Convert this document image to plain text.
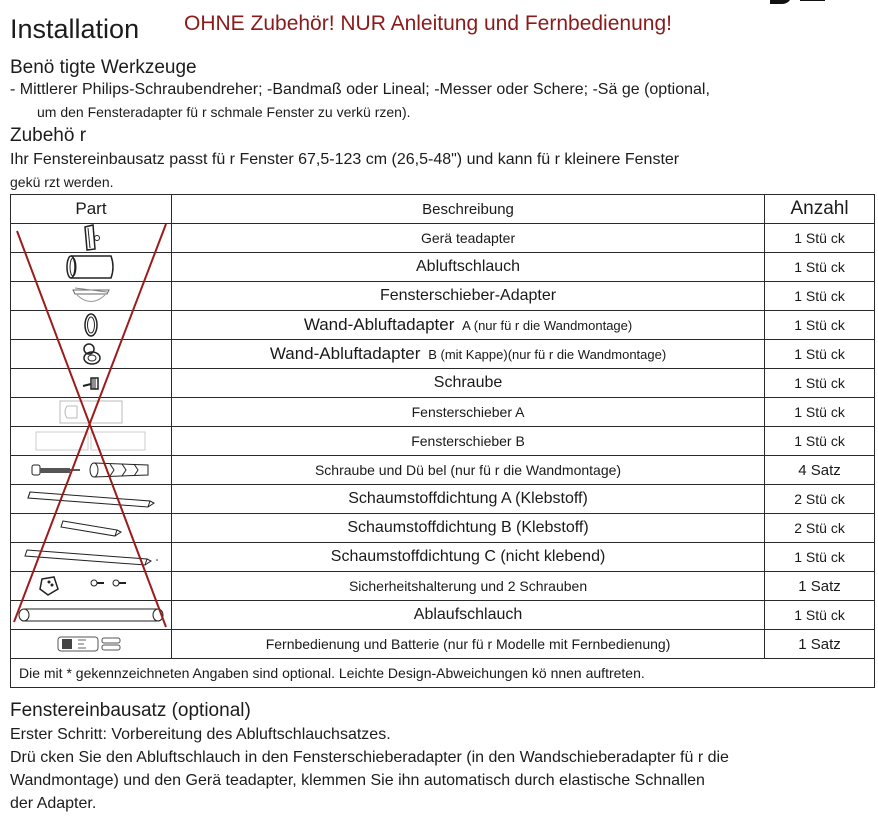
Installation OHNE Zubehör! NUR Anleitung und Fernbedienung!
Benö tigte Werkzeuge
- Mittlerer Philips-Schraubendreher; -Bandmaß oder Lineal; -Messer oder Schere; -Sä ge (optional,
um den Fensteradapter fü r schmale Fenster zu verkü rzen).
Zubehö r
Ihr Fenstereinbausatz passt fü r Fenster 67,5-123 cm (26,5-48") und kann fü r kleinere Fenster
gekü rzt werden.
Part	Beschreibung	Anzahl
	Gerä teadapter	1 Stü ck
	Abluftschlauch	1 Stü ck
	Fensterschieber-Adapter	1 Stü ck
	Wand-Abluftadapter A (nur fü r die Wandmontage)	1 Stü ck
	Wand-Abluftadapter B (mit Kappe)(nur fü r die Wandmontage)	1 Stü ck
	Schraube	1 Stü ck
	Fensterschieber A	1 Stü ck
	Fensterschieber B	1 Stü ck
	Schraube und Dü bel (nur fü r die Wandmontage)	4 Satz
	Schaumstoffdichtung A (Klebstoff)	2 Stü ck
	Schaumstoffdichtung B (Klebstoff)	2 Stü ck
	Schaumstoffdichtung C (nicht klebend)	1 Stü ck
	Sicherheitshalterung und 2 Schrauben	1 Satz
	Ablaufschlauch	1 Stü ck
	Fernbedienung und Batterie (nur fü r Modelle mit Fernbedienung)	1 Satz
Die mit * gekennzeichneten Angaben sind optional. Leichte Design-Abweichungen kö nnen auftreten.		
Fenstereinbausatz (optional)
Erster Schritt: Vorbereitung des Abluftschlauchsatzes.
Drü cken Sie den Abluftschlauch in den Fensterschieberadapter (in den Wandschieberadapter fü r die
Wandmontage) und den Gerä teadapter, klemmen Sie ihn automatisch durch elastische Schnallen
der Adapter.
